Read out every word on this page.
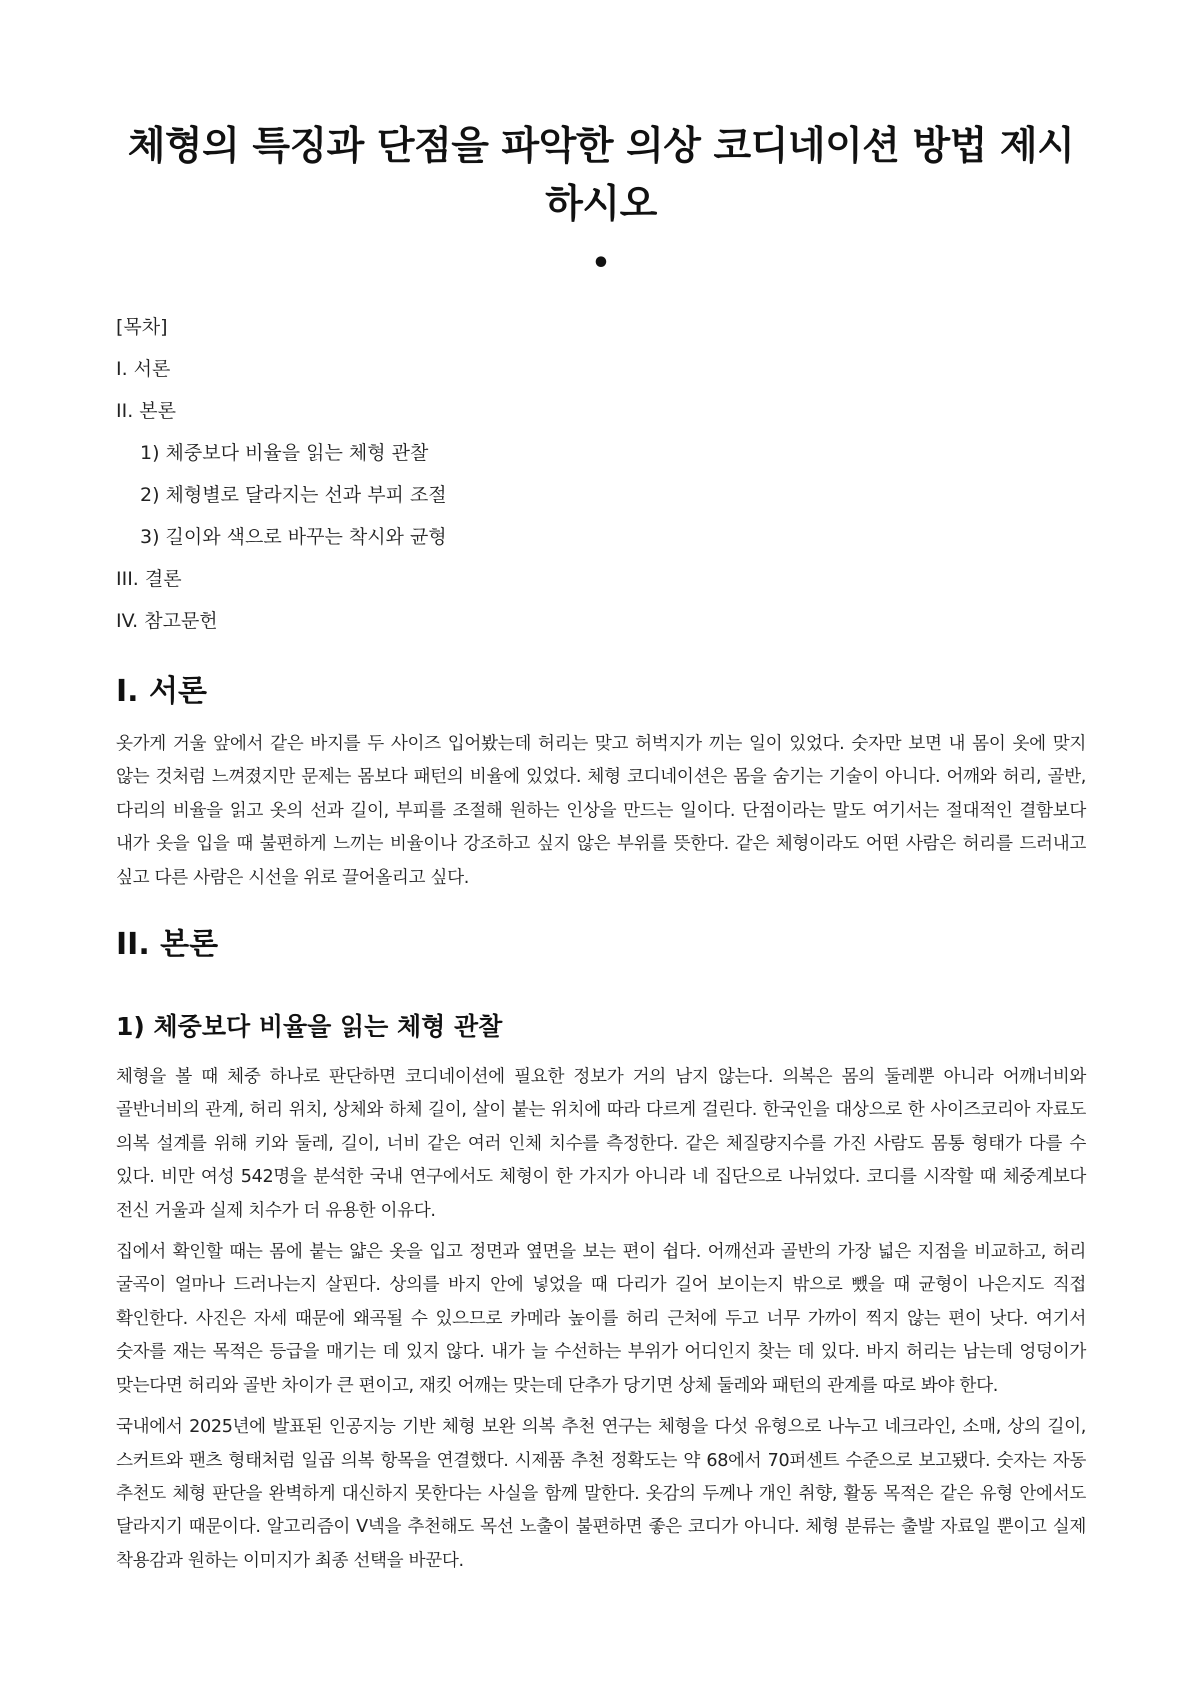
체형의 특징과 단점을 파악한 의상 코디네이션 방법 제시하시오
•
[목차]
I. 서론
II. 본론
1) 체중보다 비율을 읽는 체형 관찰
2) 체형별로 달라지는 선과 부피 조절
3) 길이와 색으로 바꾸는 착시와 균형
III. 결론
IV. 참고문헌
I. 서론

옷가게 거울 앞에서 같은 바지를 두 사이즈 입어봤는데 허리는 맞고 허벅지가 끼는 일이 있었다. 숫자만 보면 내 몸이 옷에 맞지 않는 것처럼 느껴졌지만 문제는 몸보다 패턴의 비율에 있었다. 체형 코디네이션은 몸을 숨기는 기술이 아니다. 어깨와 허리, 골반, 다리의 비율을 읽고 옷의 선과 길이, 부피를 조절해 원하는 인상을 만드는 일이다. 단점이라는 말도 여기서는 절대적인 결함보다 내가 옷을 입을 때 불편하게 느끼는 비율이나 강조하고 싶지 않은 부위를 뜻한다. 같은 체형이라도 어떤 사람은 허리를 드러내고 싶고 다른 사람은 시선을 위로 끌어올리고 싶다.

II. 본론
1) 체중보다 비율을 읽는 체형 관찰

체형을 볼 때 체중 하나로 판단하면 코디네이션에 필요한 정보가 거의 남지 않는다. 의복은 몸의 둘레뿐 아니라 어깨너비와 골반너비의 관계, 허리 위치, 상체와 하체 길이, 살이 붙는 위치에 따라 다르게 걸린다. 한국인을 대상으로 한 사이즈코리아 자료도 의복 설계를 위해 키와 둘레, 길이, 너비 같은 여러 인체 치수를 측정한다. 같은 체질량지수를 가진 사람도 몸통 형태가 다를 수 있다. 비만 여성 542명을 분석한 국내 연구에서도 체형이 한 가지가 아니라 네 집단으로 나뉘었다. 코디를 시작할 때 체중계보다 전신 거울과 실제 치수가 더 유용한 이유다.

집에서 확인할 때는 몸에 붙는 얇은 옷을 입고 정면과 옆면을 보는 편이 쉽다. 어깨선과 골반의 가장 넓은 지점을 비교하고, 허리 굴곡이 얼마나 드러나는지 살핀다. 상의를 바지 안에 넣었을 때 다리가 길어 보이는지 밖으로 뺐을 때 균형이 나은지도 직접 확인한다. 사진은 자세 때문에 왜곡될 수 있으므로 카메라 높이를 허리 근처에 두고 너무 가까이 찍지 않는 편이 낫다. 여기서 숫자를 재는 목적은 등급을 매기는 데 있지 않다. 내가 늘 수선하는 부위가 어디인지 찾는 데 있다. 바지 허리는 남는데 엉덩이가 맞는다면 허리와 골반 차이가 큰 편이고, 재킷 어깨는 맞는데 단추가 당기면 상체 둘레와 패턴의 관계를 따로 봐야 한다.

국내에서 2025년에 발표된 인공지능 기반 체형 보완 의복 추천 연구는 체형을 다섯 유형으로 나누고 네크라인, 소매, 상의 길이, 스커트와 팬츠 형태처럼 일곱 의복 항목을 연결했다. 시제품 추천 정확도는 약 68에서 70퍼센트 수준으로 보고됐다. 숫자는 자동 추천도 체형 판단을 완벽하게 대신하지 못한다는 사실을 함께 말한다. 옷감의 두께나 개인 취향, 활동 목적은 같은 유형 안에서도 달라지기 때문이다. 알고리즘이 V넥을 추천해도 목선 노출이 불편하면 좋은 코디가 아니다. 체형 분류는 출발 자료일 뿐이고 실제 착용감과 원하는 이미지가 최종 선택을 바꾼다.
